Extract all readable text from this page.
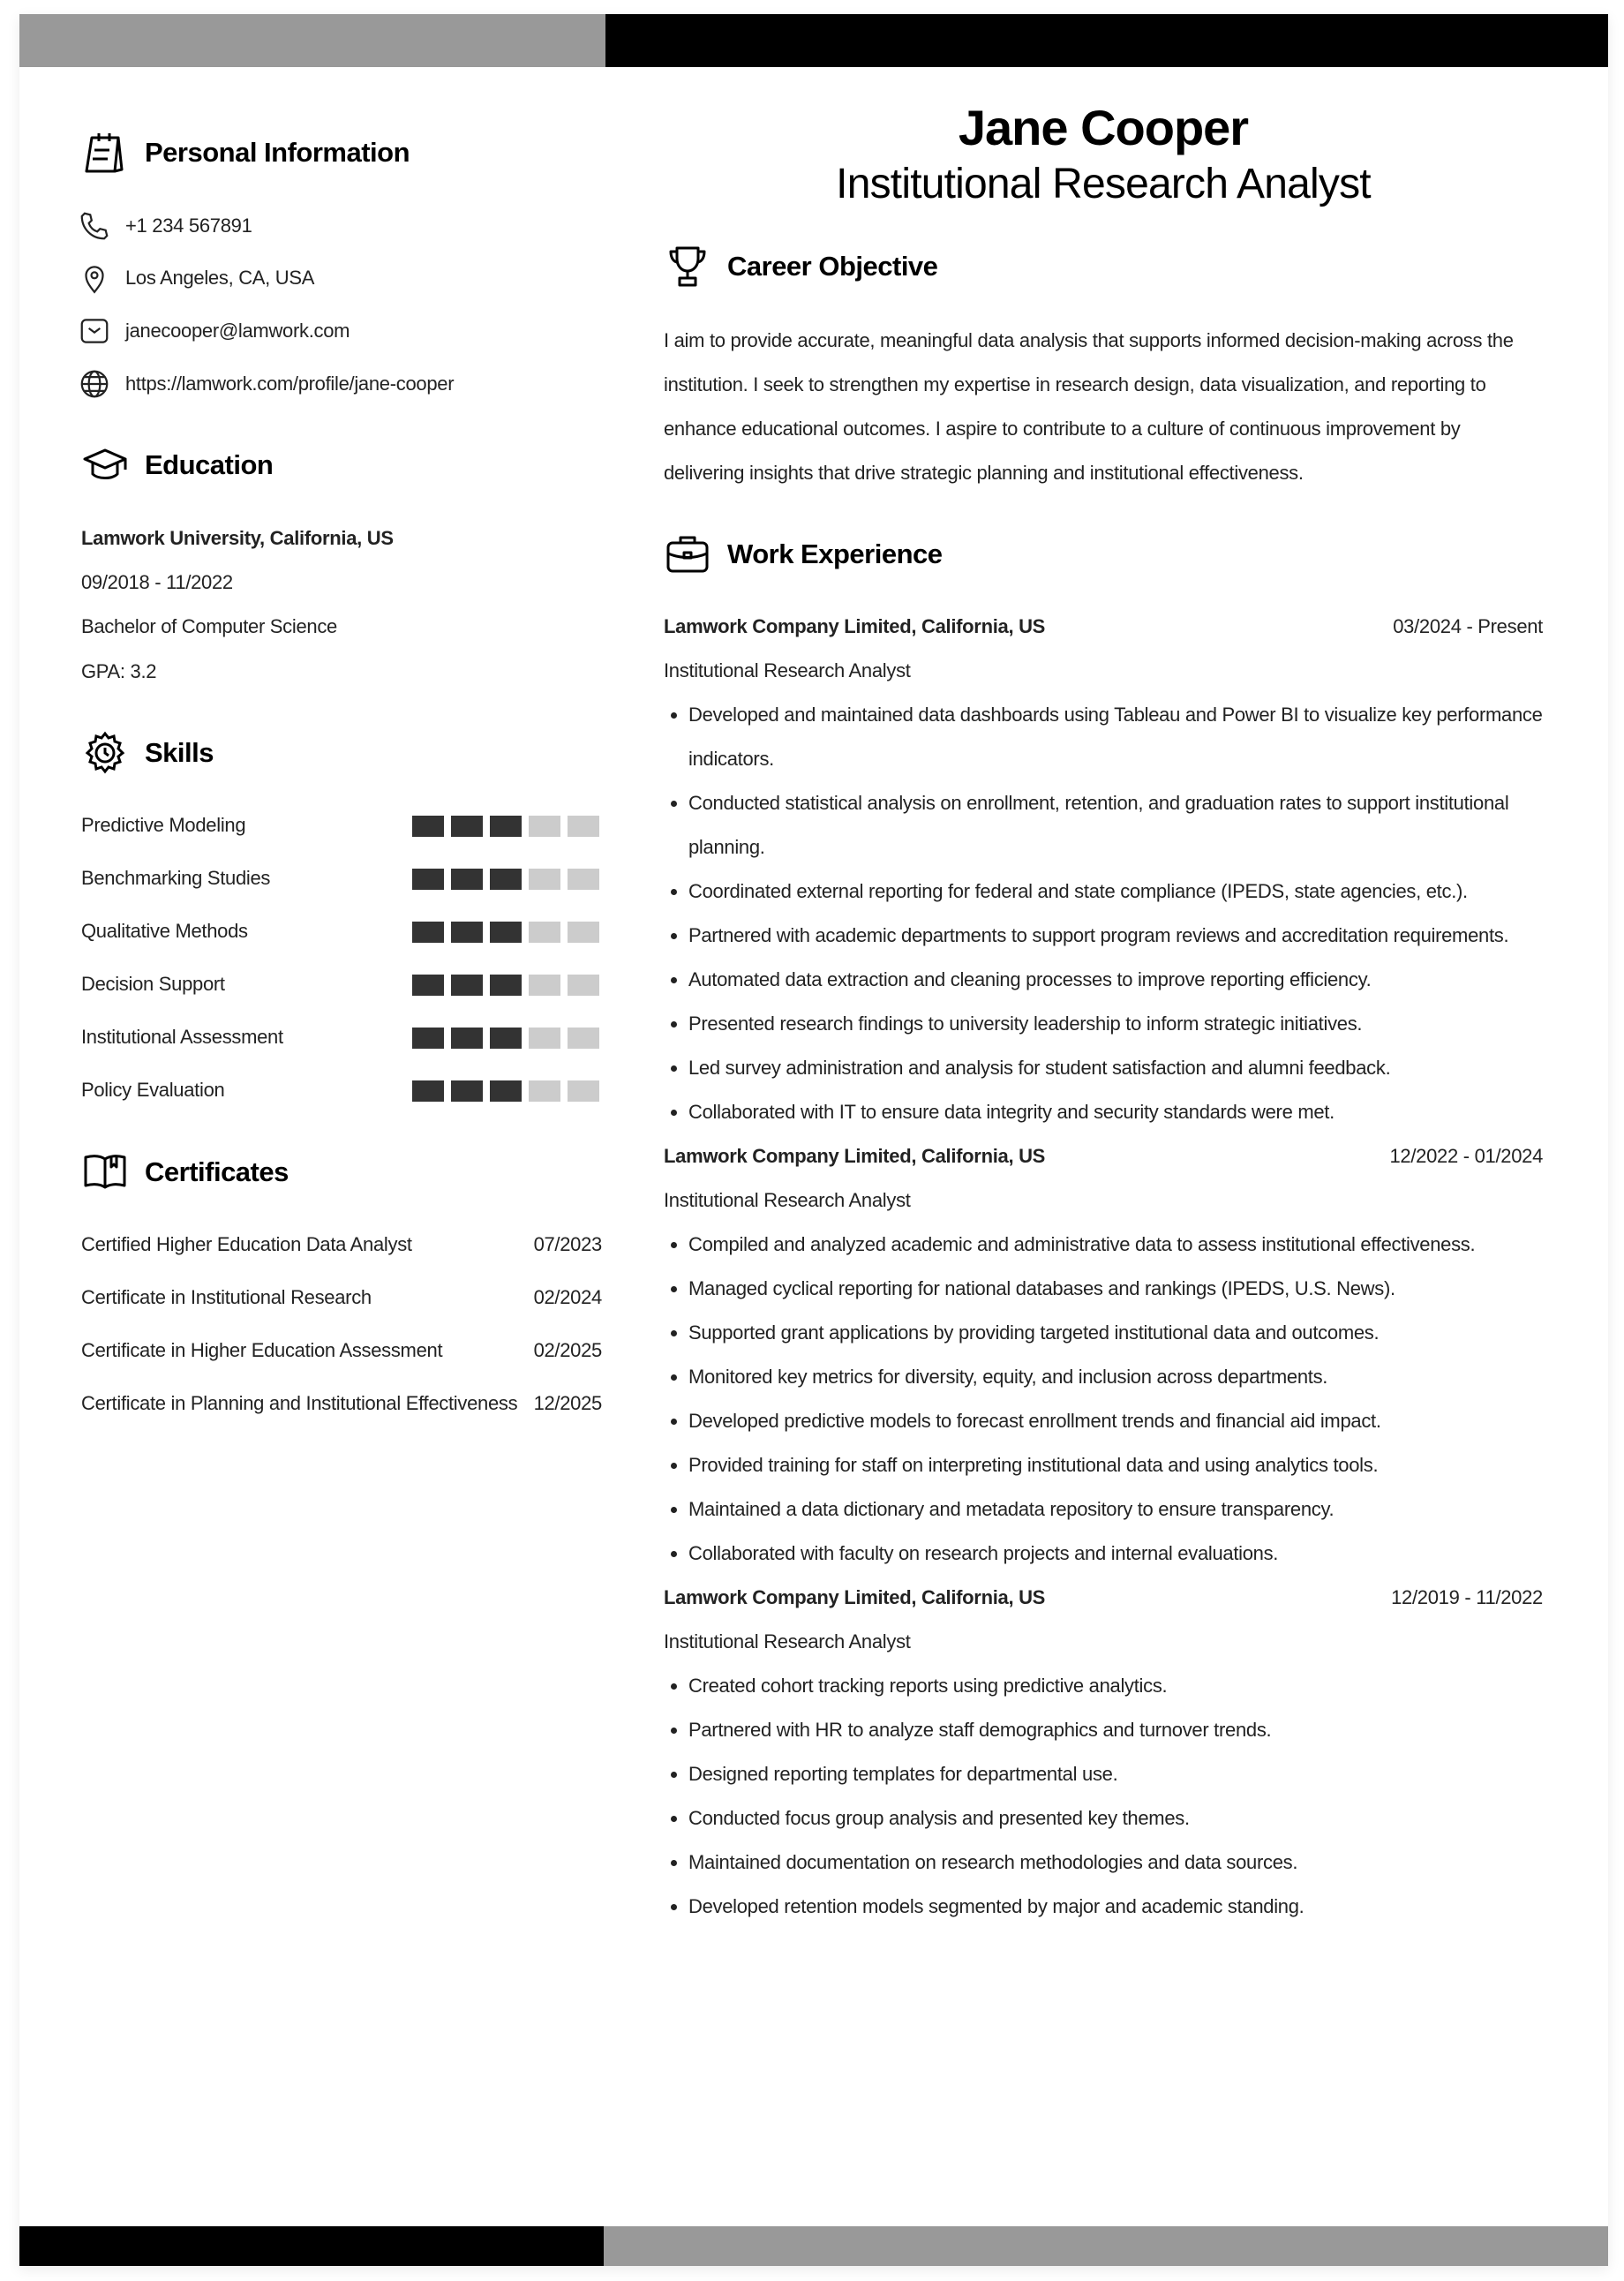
Personal Information
+1 234 567891
Los Angeles, CA, USA
janecooper@lamwork.com
https://lamwork.com/profile/jane-cooper
Education
Lamwork University, California, US
09/2018 - 11/2022
Bachelor of Computer Science
GPA: 3.2
Skills
Predictive Modeling
Benchmarking Studies
Qualitative Methods
Decision Support
Institutional Assessment
Policy Evaluation
Certificates
Certified Higher Education Data Analyst	07/2023
Certificate in Institutional Research	02/2024
Certificate in Higher Education Assessment	02/2025
Certificate in Planning and Institutional Effectiveness 12/2025
Jane Cooper
Institutional Research Analyst
Career Objective
I aim to provide accurate, meaningful data analysis that supports informed decision-making across the institution. I seek to strengthen my expertise in research design, data visualization, and reporting to enhance educational outcomes. I aspire to contribute to a culture of continuous improvement by delivering insights that drive strategic planning and institutional effectiveness.
Work Experience
Lamwork Company Limited, California, US	03/2024 - Present
Institutional Research Analyst
• Developed and maintained data dashboards using Tableau and Power BI to visualize key performance indicators.
• Conducted statistical analysis on enrollment, retention, and graduation rates to support institutional planning.
• Coordinated external reporting for federal and state compliance (IPEDS, state agencies, etc.).
• Partnered with academic departments to support program reviews and accreditation requirements.
• Automated data extraction and cleaning processes to improve reporting efficiency.
• Presented research findings to university leadership to inform strategic initiatives.
• Led survey administration and analysis for student satisfaction and alumni feedback.
• Collaborated with IT to ensure data integrity and security standards were met.
Lamwork Company Limited, California, US	12/2022 - 01/2024
Institutional Research Analyst
• Compiled and analyzed academic and administrative data to assess institutional effectiveness.
• Managed cyclical reporting for national databases and rankings (IPEDS, U.S. News).
• Supported grant applications by providing targeted institutional data and outcomes.
• Monitored key metrics for diversity, equity, and inclusion across departments.
• Developed predictive models to forecast enrollment trends and financial aid impact.
• Provided training for staff on interpreting institutional data and using analytics tools.
• Maintained a data dictionary and metadata repository to ensure transparency.
• Collaborated with faculty on research projects and internal evaluations.
Lamwork Company Limited, California, US	12/2019 - 11/2022
Institutional Research Analyst
• Created cohort tracking reports using predictive analytics.
• Partnered with HR to analyze staff demographics and turnover trends.
• Designed reporting templates for departmental use.
• Conducted focus group analysis and presented key themes.
• Maintained documentation on research methodologies and data sources.
• Developed retention models segmented by major and academic standing.
